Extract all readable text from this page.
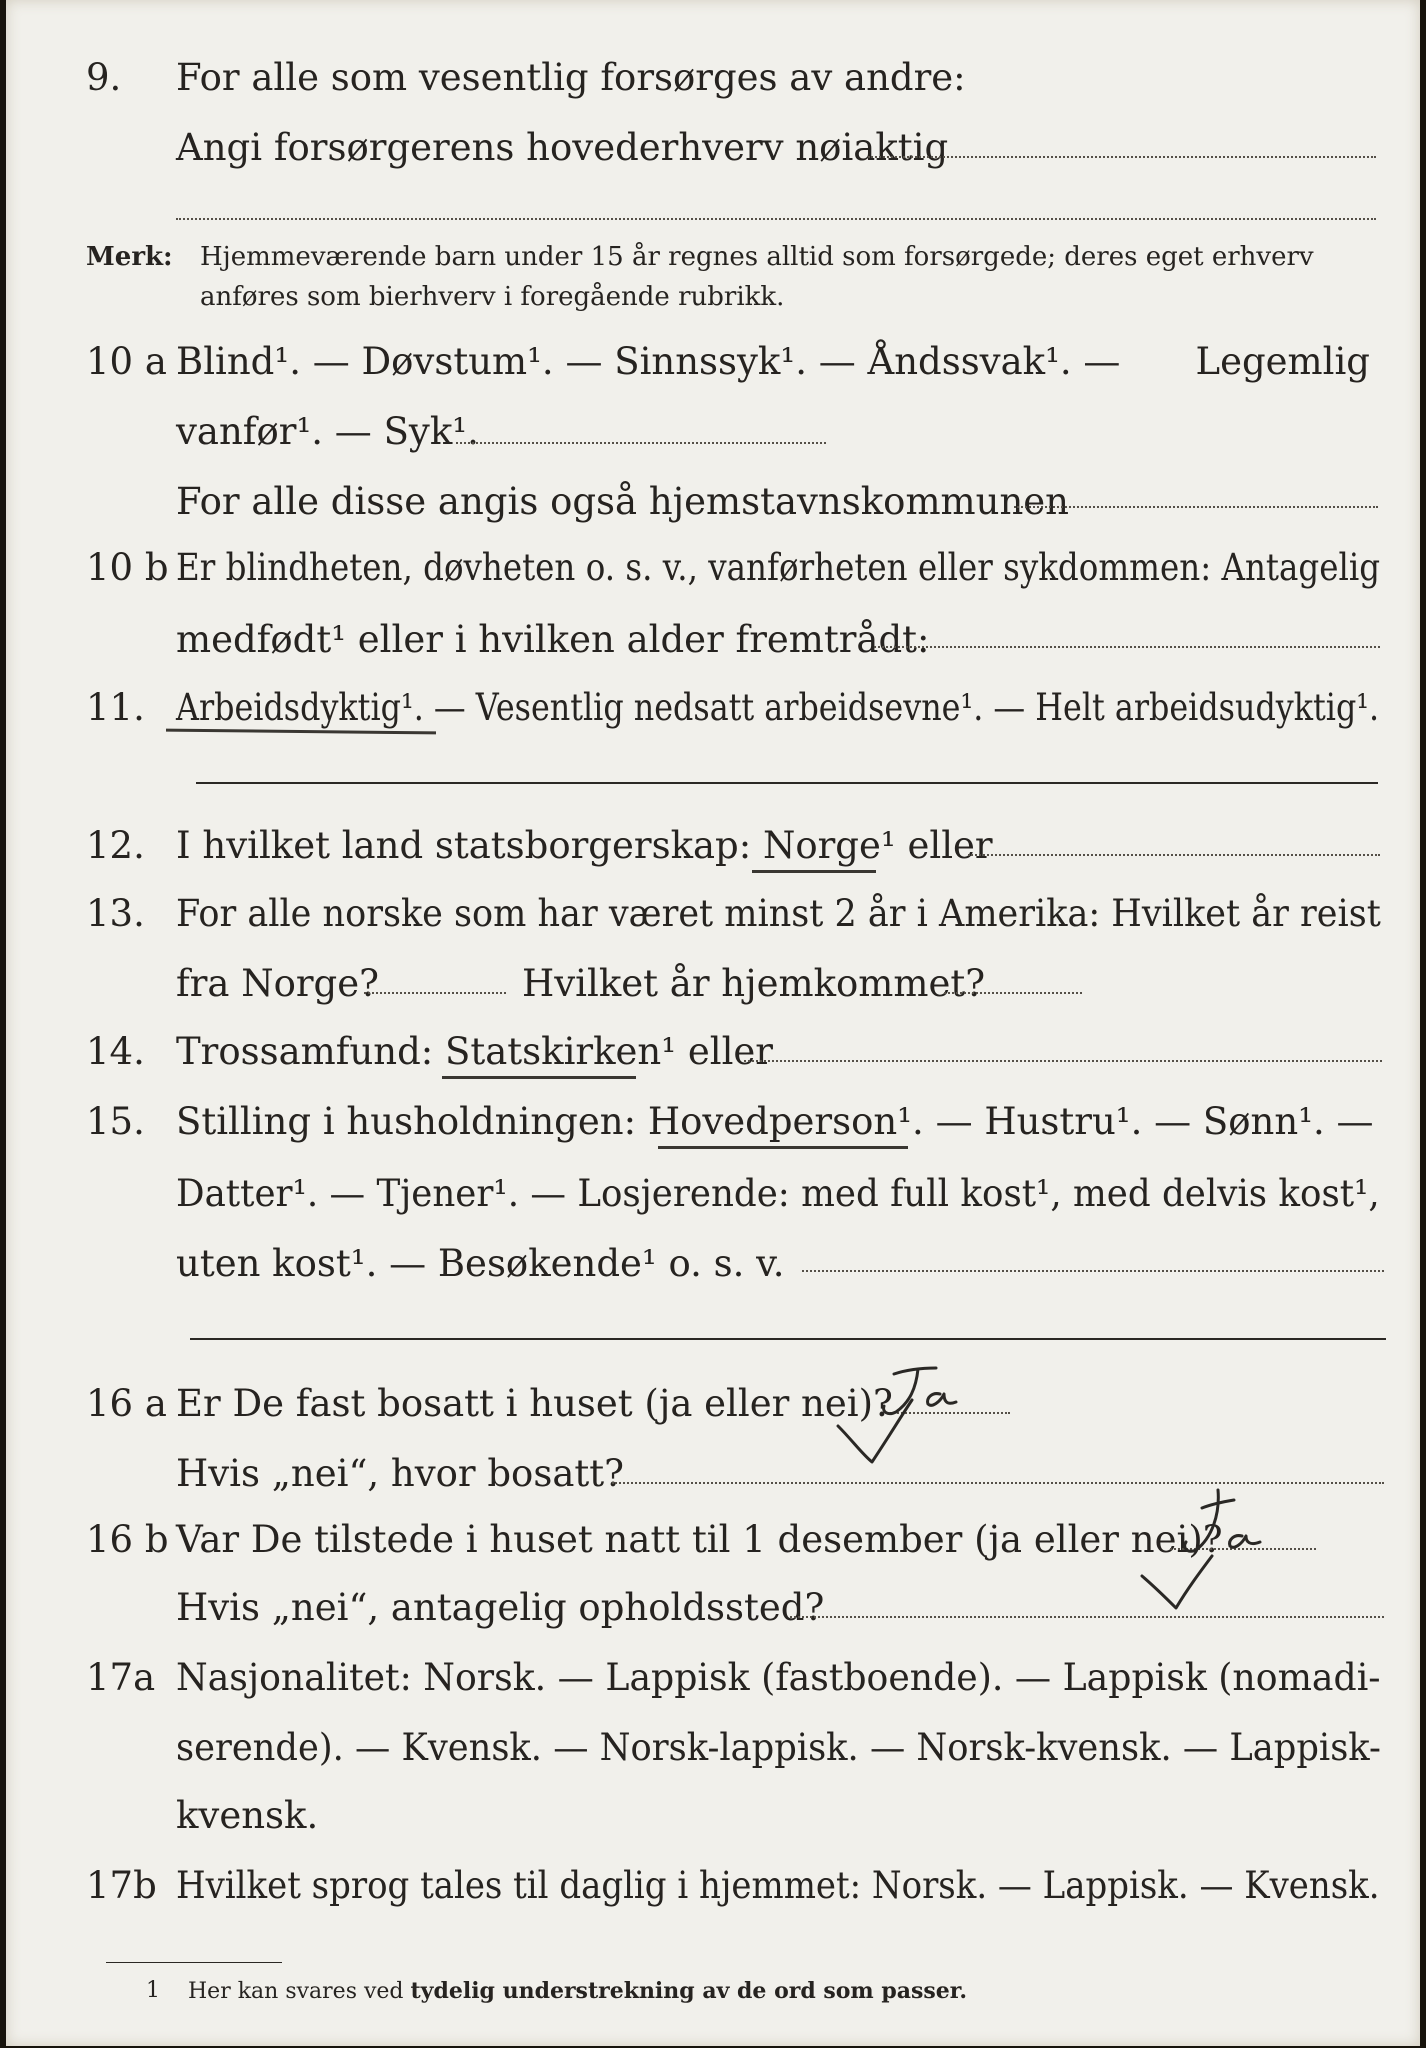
9. For alle som vesentlig forsørges av andre:
Angi forsørgerens hovederhverv nøiaktig
Merk: Hjemmeværende barn under 15 år regnes alltid som forsørgede; deres eget erhverv
anføres som bierhverv i foregående rubrikk.
10 a Blind¹. — Døvstum¹. — Sinnssyk¹. — Åndssvak¹. — Legemlig
vanfør¹. — Syk¹.
For alle disse angis også hjemstavnskommunen
10 b Er blindheten, døvheten o. s. v., vanførheten eller sykdommen: Antagelig
medfødt¹ eller i hvilken alder fremtrådt:
11. Arbeidsdyktig¹. — Vesentlig nedsatt arbeidsevne¹. — Helt arbeidsudyktig¹.
12. I hvilket land statsborgerskap: Norge¹ eller
13. For alle norske som har været minst 2 år i Amerika: Hvilket år reist
fra Norge?	Hvilket år hjemkommet?
14. Trossamfund: Statskirken¹ eller
15. Stilling i husholdningen: Hovedperson¹. — Hustru¹. — Sønn¹. —
Datter¹. — Tjener¹. — Losjerende: med full kost¹, med delvis kost¹,
uten kost¹. — Besøkende¹ o. s. v.
16 a Er De fast bosatt i huset (ja eller nei)?
Hvis „nei“, hvor bosatt?
16 b Var De tilstede i huset natt til 1 desember (ja eller nei)?
Hvis „nei“, antagelig opholdssted?
17a Nasjonalitet: Norsk. — Lappisk (fastboende). — Lappisk (nomadi-
serende). — Kvensk. — Norsk-lappisk. — Norsk-kvensk. — Lappisk-
kvensk.
17b Hvilket sprog tales til daglig i hjemmet: Norsk. — Lappisk. — Kvensk.
1 Her kan svares ved tydelig understrekning av de ord som passer.
